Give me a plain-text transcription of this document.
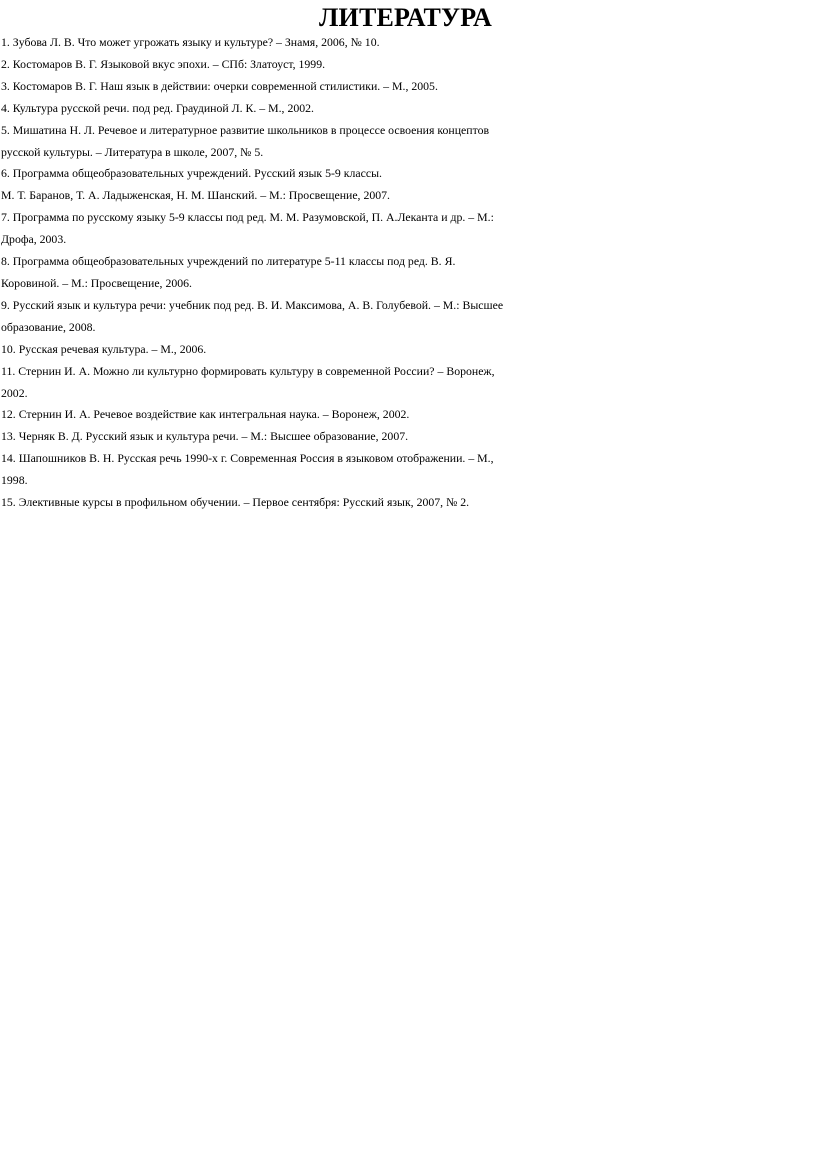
ЛИТЕРАТУРА
1. Зубова Л. В. Что может угрожать языку и культуре? – Знамя, 2006, № 10.
2. Костомаров В. Г. Языковой вкус эпохи. – СПб: Златоуст, 1999.
3. Костомаров В. Г. Наш язык в действии: очерки современной стилистики. – М., 2005.
4. Культура русской речи. под ред. Граудиной Л. К. – М., 2002.
5. Мишатина Н. Л. Речевое и литературное развитие школьников в процессе освоения концептов
русской культуры. – Литература в школе, 2007, № 5.
6. Программа общеобразовательных учреждений. Русский язык 5-9 классы.
М. Т. Баранов, Т. А. Ладыженская, Н. М. Шанский. – М.: Просвещение, 2007.
7. Программа по русскому языку 5-9 классы под ред. М. М. Разумовской, П. А.Леканта и др. – М.:
Дрофа, 2003.
8. Программа общеобразовательных учреждений по литературе 5-11 классы под ред. В. Я.
Коровиной. – М.: Просвещение, 2006.
9. Русский язык и культура речи: учебник под ред. В. И. Максимова, А. В. Голубевой. – М.: Высшее
образование, 2008.
10. Русская речевая культура. – М., 2006.
11. Стернин И. А. Можно ли культурно формировать культуру в современной России? – Воронеж,
2002.
12. Стернин И. А. Речевое воздействие как интегральная наука. – Воронеж, 2002.
13. Черняк В. Д. Русский язык и культура речи. – М.: Высшее образование, 2007.
14. Шапошников В. Н. Русская речь 1990-х г. Современная Россия в языковом отображении. – М.,
1998.
15. Элективные курсы в профильном обучении. – Первое сентября: Русский язык, 2007, № 2.
